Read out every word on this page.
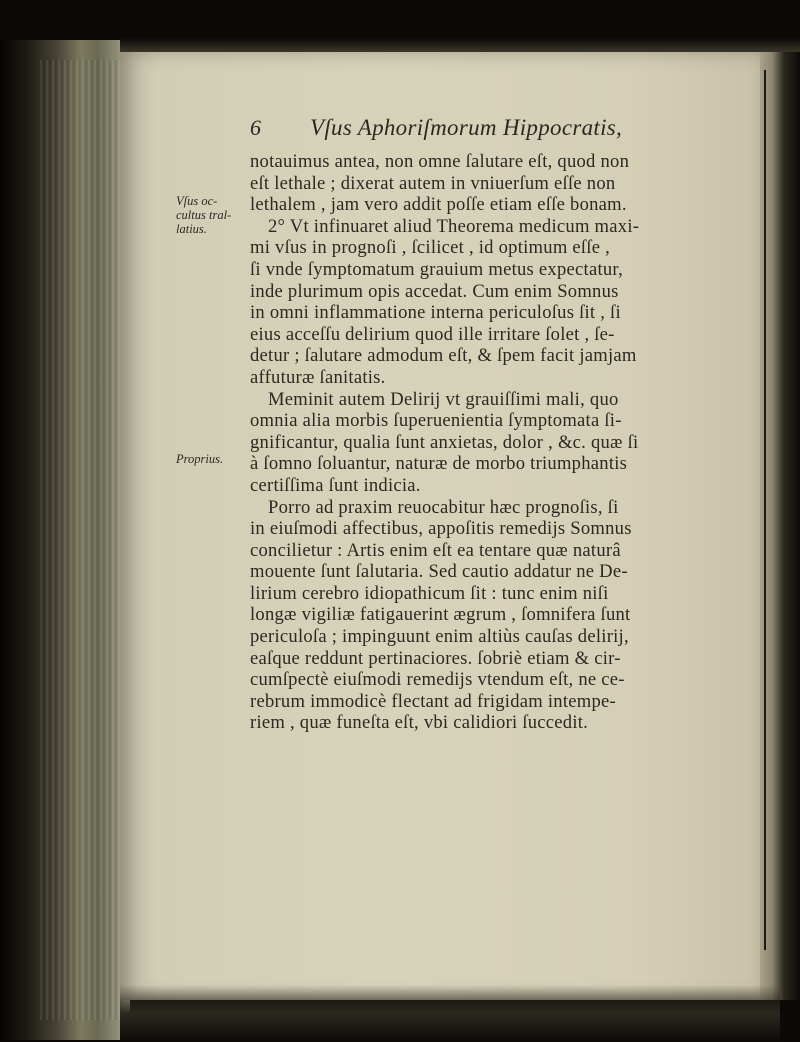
Vſus oc-
cultus tral-
latius.
Proprius.
6	Vſus Aphoriſmorum Hippocratis,
notauimus antea, non omne ſalutare eſt, quod non
eſt lethale ; dixerat autem in vniuerſum eſſe non
lethalem , jam vero addit poſſe etiam eſſe bonam.
2° Vt infinuaret aliud Theorema medicum maxi-
mi vſus in prognoſi , ſcilicet , id optimum eſſe ,
ſi vnde ſymptomatum grauium metus expectatur,
inde plurimum opis accedat. Cum enim Somnus
in omni inflammatione interna periculoſus ſit , ſi
eius acceſſu delirium quod ille irritare ſolet , ſe-
detur ; ſalutare admodum eſt, & ſpem facit jamjam
affuturæ ſanitatis.
Meminit autem Delirij vt grauiſſimi mali, quo
omnia alia morbis ſuperuenientia ſymptomata ſi-
gnificantur, qualia ſunt anxietas, dolor , &c. quæ ſi
à ſomno ſoluantur, naturæ de morbo triumphantis
certiſſima ſunt indicia.
Porro ad praxim reuocabitur hæc prognoſis, ſi
in eiuſmodi affectibus, appoſitis remedijs Somnus
concilietur : Artis enim eſt ea tentare quæ naturâ
mouente ſunt ſalutaria. Sed cautio addatur ne De-
lirium cerebro idiopathicum ſit : tunc enim niſi
longæ vigiliæ fatigauerint ægrum , ſomnifera ſunt
periculoſa ; impinguunt enim altiùs cauſas delirij,
eaſque reddunt pertinaciores. ſobriè etiam & cir-
cumſpectè eiuſmodi remedijs vtendum eſt, ne ce-
rebrum immodicè flectant ad frigidam intempe-
riem , quæ funeſta eſt, vbi calidiori ſuccedit.
